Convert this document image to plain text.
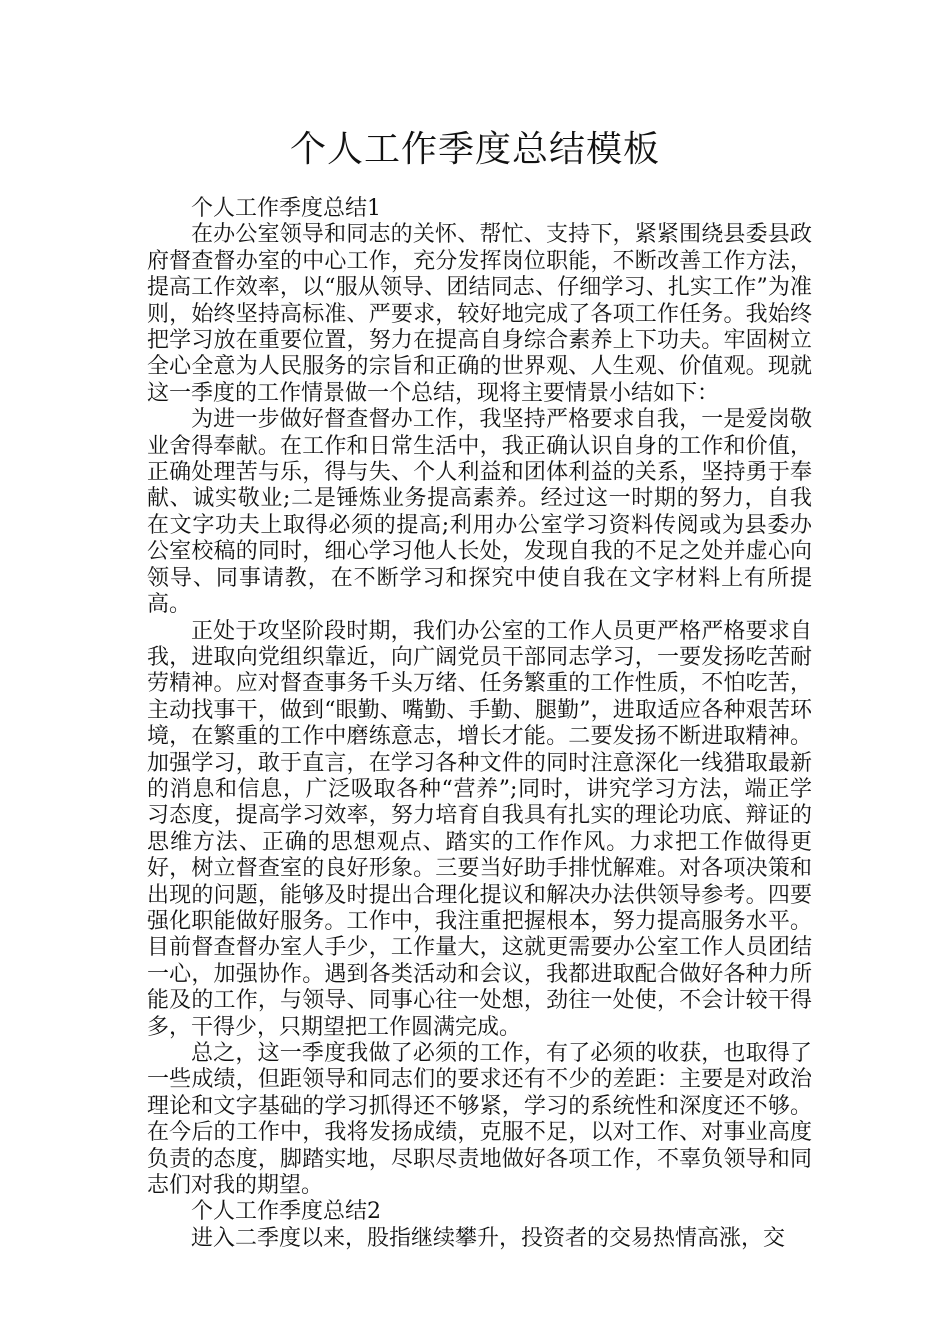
个人工作季度总结模板
个人工作季度总结1

在办公室领导和同志的关怀、帮忙、支持下，紧紧围绕县委县政府督查督办室的中心工作，充分发挥岗位职能，不断改善工作方法，提高工作效率，以“服从领导、团结同志、仔细学习、扎实工作”为准则，始终坚持高标准、严要求，较好地完成了各项工作任务。我始终把学习放在重要位置，努力在提高自身综合素养上下功夫。牢固树立全心全意为人民服务的宗旨和正确的世界观、人生观、价值观。现就这一季度的工作情景做一个总结，现将主要情景小结如下：

为进一步做好督查督办工作，我坚持严格要求自我，一是爱岗敬业舍得奉献。在工作和日常生活中，我正确认识自身的工作和价值，正确处理苦与乐，得与失、个人利益和团体利益的关系，坚持勇于奉献、诚实敬业;二是锤炼业务提高素养。经过这一时期的努力，自我在文字功夫上取得必须的提高;利用办公室学习资料传阅或为县委办公室校稿的同时，细心学习他人长处，发现自我的不足之处并虚心向领导、同事请教，在不断学习和探究中使自我在文字材料上有所提高。

正处于攻坚阶段时期，我们办公室的工作人员更严格严格要求自我，进取向党组织靠近，向广阔党员干部同志学习，一要发扬吃苦耐劳精神。应对督查事务千头万绪、任务繁重的工作性质，不怕吃苦，主动找事干，做到“眼勤、嘴勤、手勤、腿勤”，进取适应各种艰苦环境，在繁重的工作中磨练意志，增长才能。二要发扬不断进取精神。加强学习，敢于直言，在学习各种文件的同时注意深化一线猎取最新的消息和信息，广泛吸取各种“营养”;同时，讲究学习方法，端正学习态度，提高学习效率，努力培育自我具有扎实的理论功底、辩证的思维方法、正确的思想观点、踏实的工作作风。力求把工作做得更好，树立督查室的良好形象。三要当好助手排忧解难。对各项决策和出现的问题，能够及时提出合理化提议和解决办法供领导参考。四要强化职能做好服务。工作中，我注重把握根本，努力提高服务水平。目前督查督办室人手少，工作量大，这就更需要办公室工作人员团结一心，加强协作。遇到各类活动和会议，我都进取配合做好各种力所能及的工作，与领导、同事心往一处想，劲往一处使，不会计较干得多，干得少，只期望把工作圆满完成。

总之，这一季度我做了必须的工作，有了必须的收获，也取得了一些成绩，但距领导和同志们的要求还有不少的差距：主要是对政治理论和文字基础的学习抓得还不够紧，学习的系统性和深度还不够。在今后的工作中，我将发扬成绩，克服不足，以对工作、对事业高度负责的态度，脚踏实地，尽职尽责地做好各项工作，不辜负领导和同志们对我的期望。

个人工作季度总结2

进入二季度以来，股指继续攀升，投资者的交易热情高涨，交
